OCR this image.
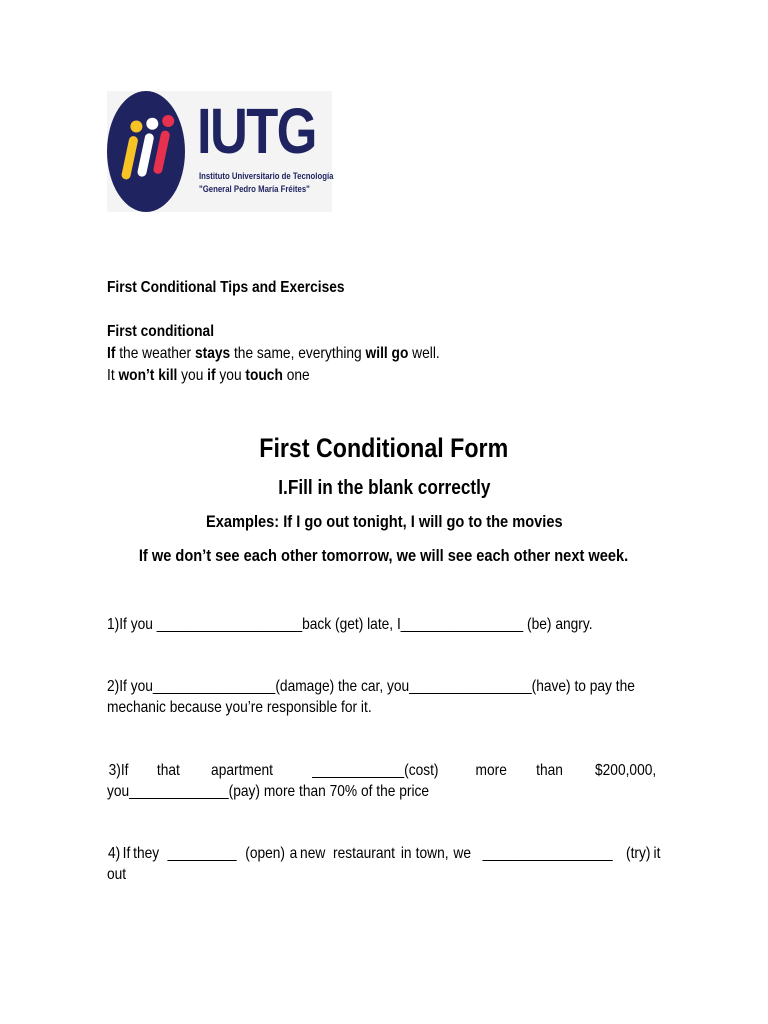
IUTG
Instituto Universitario de Tecnología
"General Pedro María Fréites"
First Conditional Tips and Exercises
First conditional
If the weather stays the same, everything will go well.
It won’t kill you if you touch one
First Conditional Form
I.Fill in the blank correctly
Examples: If I go out tonight, I will go to the movies
If we don’t see each other tomorrow, we will see each other next week.
1)If you ___________________back (get) late, I________________ (be) angry.
2)If you________________(damage) the car, you________________(have) to pay the
mechanic because you’re responsible for it.
3)If that apartment ____________(cost) more than $200,000,
you_____________(pay) more than 70% of the price
4) If they _________ (open) a new restaurant in town, we _________________ (try) it
out
